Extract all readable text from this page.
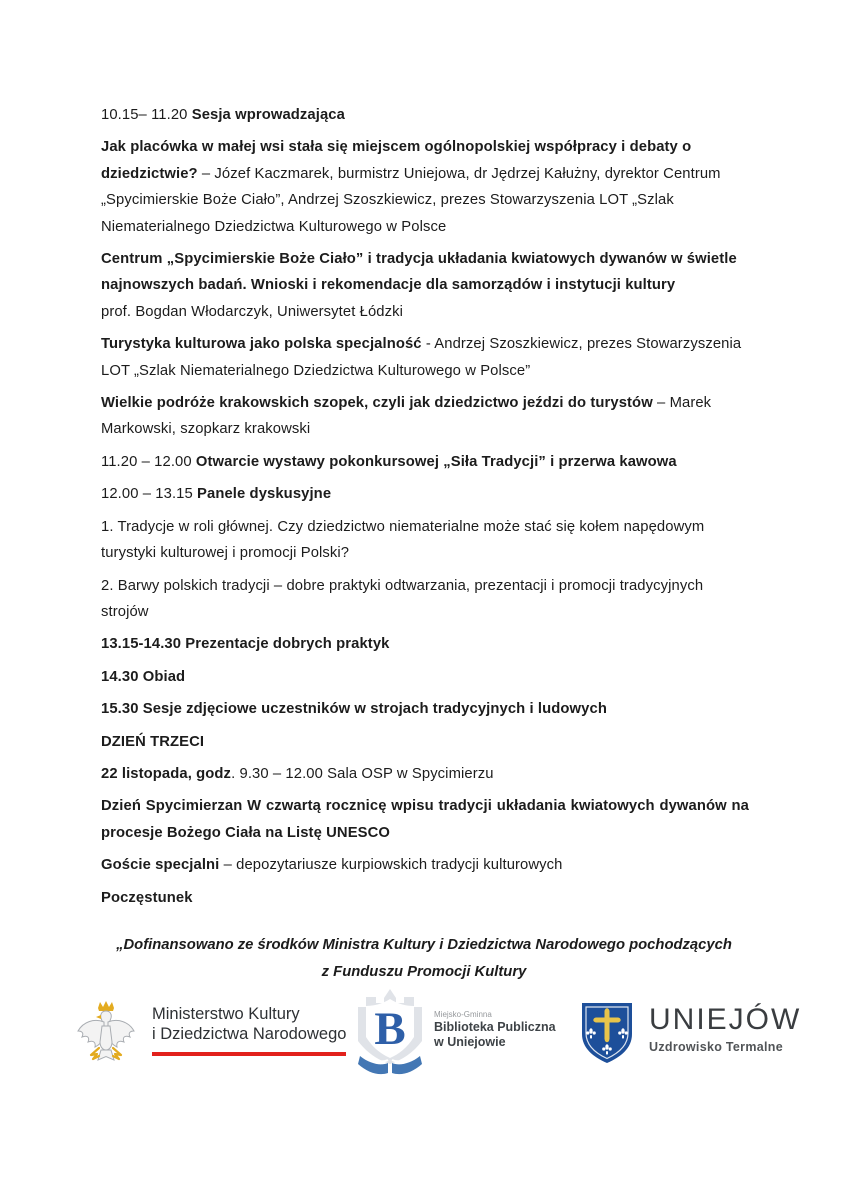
10.15– 11.20 Sesja wprowadzająca

Jak placówka w małej wsi stała się miejscem ogólnopolskiej współpracy i debaty o dziedzictwie? – Józef Kaczmarek, burmistrz Uniejowa, dr Jędrzej Kałużny, dyrektor Centrum „Spycimierskie Boże Ciało”, Andrzej Szoszkiewicz, prezes Stowarzyszenia LOT „Szlak Niematerialnego Dziedzictwa Kulturowego w Polsce

Centrum „Spycimierskie Boże Ciało” i tradycja układania kwiatowych dywanów w świetle najnowszych badań. Wnioski i rekomendacje dla samorządów i instytucji kultury
prof. Bogdan Włodarczyk, Uniwersytet Łódzki

Turystyka kulturowa jako polska specjalność - Andrzej Szoszkiewicz, prezes Stowarzyszenia LOT „Szlak Niematerialnego Dziedzictwa Kulturowego w Polsce”

Wielkie podróże krakowskich szopek, czyli jak dziedzictwo jeździ do turystów – Marek Markowski, szopkarz krakowski

11.20 – 12.00 Otwarcie wystawy pokonkursowej „Siła Tradycji” i przerwa kawowa

12.00 – 13.15 Panele dyskusyjne

1. Tradycje w roli głównej. Czy dziedzictwo niematerialne może stać się kołem napędowym turystyki kulturowej i promocji Polski?

2. Barwy polskich tradycji – dobre praktyki odtwarzania, prezentacji i promocji tradycyjnych strojów

13.15-14.30 Prezentacje dobrych praktyk

14.30 Obiad

15.30 Sesje zdjęciowe uczestników w strojach tradycyjnych i ludowych

DZIEŃ TRZECI

22 listopada, godz. 9.30 – 12.00 Sala OSP w Spycimierzu

Dzień Spycimierzan W czwartą rocznicę wpisu tradycji układania kwiatowych dywanów na procesje Bożego Ciała na Listę UNESCO

Goście specjalni – depozytariusze kurpiowskich tradycji kulturowych

Poczęstunek

„Dofinansowano ze środków Ministra Kultury i Dziedzictwa Narodowego pochodzących
z Funduszu Promocji Kultury
Ministerstwo Kultury
i Dziedzictwa Narodowego B	Miejsko-Gminna
Biblioteka Publiczna
w Uniejowie
UNIEJÓW
Uzdrowisko Termalne
